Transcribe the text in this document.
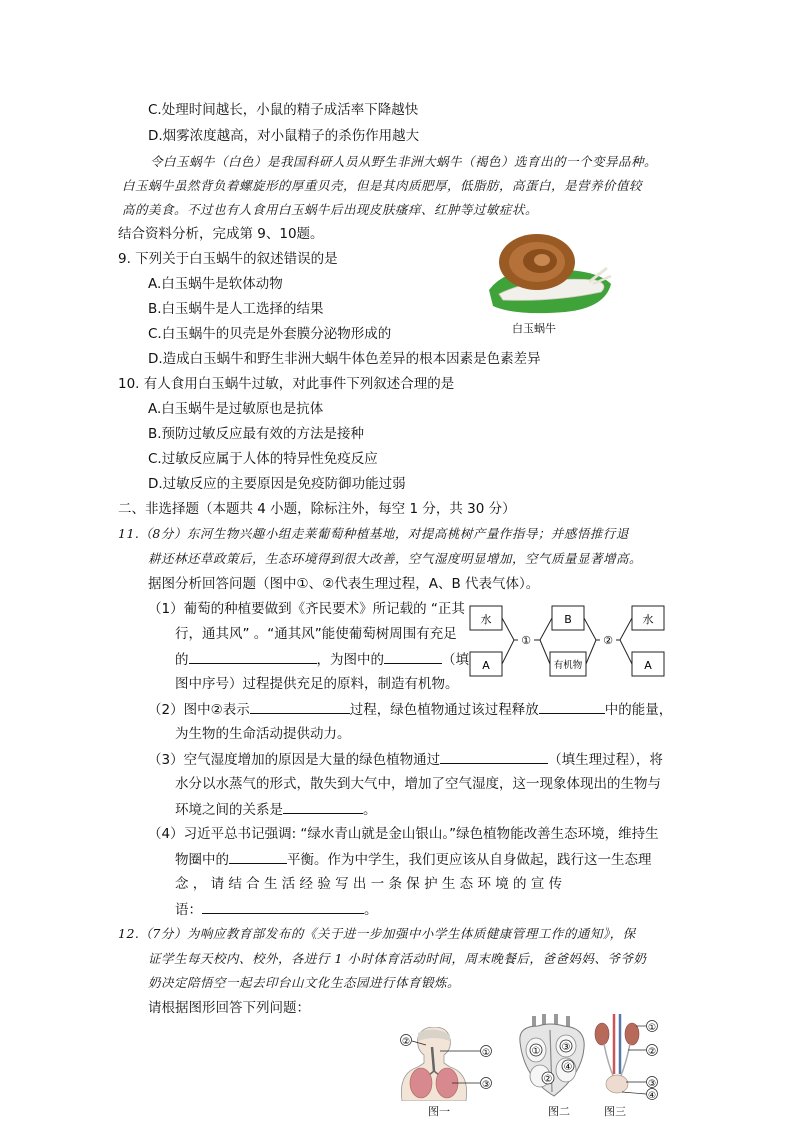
C.处理时间越长，小鼠的精子成活率下降越快
D.烟雾浓度越高，对小鼠精子的杀伤作用越大
令白玉蜗牛（白色）是我国科研人员从野生非洲大蜗牛（褐色）选育出的一个变异品种。
白玉蜗牛虽然背负着螺旋形的厚重贝壳，但是其肉质肥厚，低脂肪，高蛋白，是营养价值较
高的美食。不过也有人食用白玉蜗牛后出现皮肤瘙痒、红肿等过敏症状。
结合资料分析，完成第 9、10题。
9. 下列关于白玉蜗牛的叙述错误的是
A.白玉蜗牛是软体动物
B.白玉蜗牛是人工选择的结果
C.白玉蜗牛的贝壳是外套膜分泌物形成的
D.造成白玉蜗牛和野生非洲大蜗牛体色差异的根本因素是色素差异
白玉蜗牛
10. 有人食用白玉蜗牛过敏，对此事件下列叙述合理的是
A.白玉蜗牛是过敏原也是抗体
B.预防过敏反应最有效的方法是接种
C.过敏反应属于人体的特异性免疫反应
D.过敏反应的主要原因是免疫防御功能过弱
二、非选择题（本题共 4 小题，除标注外，每空 1 分，共 30 分）
11.（8分）东河生物兴趣小组走莱葡萄种植基地，对提高桃树产量作指导；并感悟推行退
耕还林还草政策后，生态环境得到很大改善，空气湿度明显增加，空气质量显著增高。
据图分析回答问题（图中①、②代表生理过程，A、B 代表气体）。
（1）葡萄的种植要做到《齐民要术》所记载的 “正其
行，通其风” 。“通其风”能使葡萄树周围有充足
的	，为图中的	（填
图中序号）过程提供充足的原料，制造有机物。
水
A
①
B
有机物
②
水
A
（2）图中②表示	过程，绿色植物通过该过程释放	中的能量，
为生物的生命活动提供动力。
（3）空气湿度增加的原因是大量的绿色植物通过	（填生理过程），将
水分以水蒸气的形式，散失到大气中，增加了空气湿度，这一现象体现出的生物与
环境之间的关系是	。
（4）习近平总书记强调: “绿水青山就是金山银山。”绿色植物能改善生态环境，维持生
物圈中的	平衡。作为中学生，我们更应该从自身做起，践行这一生态理
念 ， 请 结 合 生 活 经 验 写 出 一 条 保 护 生 态 环 境 的 宣 传
语：	。
12.（7分）为响应教育部发布的《关于进一步加强中小学生体质健康管理工作的通知》，保
证学生每天校内、校外，各进行 1 小时体育活动时间，周末晚餐后，爸爸妈妈、爷爷奶
奶决定陪悟空一起去印台山文化生态园进行体育锻炼。
请根据图形回答下列问题：
②
①
③
图一
① ③
②
④
图二
①
②
③
④
图三
